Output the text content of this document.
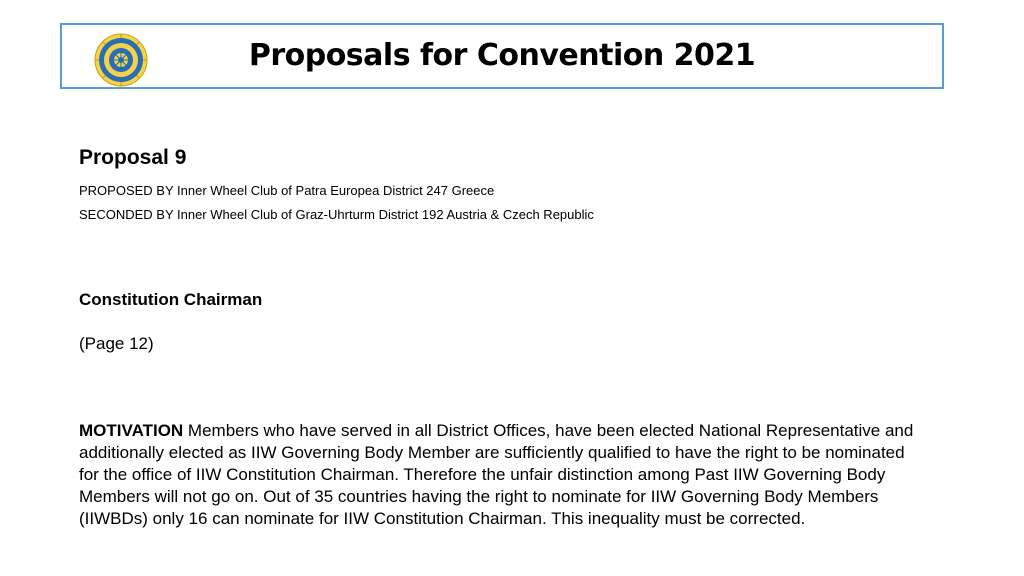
Proposals for Convention 2021

Proposal 9

PROPOSED BY Inner Wheel Club of Patra Europea District 247 Greece

SECONDED BY Inner Wheel Club of Graz-Uhrturm District 192 Austria & Czech Republic

Constitution Chairman
(Page 12)
MOTIVATION Members who have served in all District Offices, have been elected National Representative and additionally elected as IIW Governing Body Member are sufficiently qualified to have the right to be nominated for the office of IIW Constitution Chairman. Therefore the unfair distinction among Past IIW Governing Body Members will not go on. Out of 35 countries having the right to nominate for IIW Governing Body Members (IIWBDs) only 16 can nominate for IIW Constitution Chairman. This inequality must be corrected.
